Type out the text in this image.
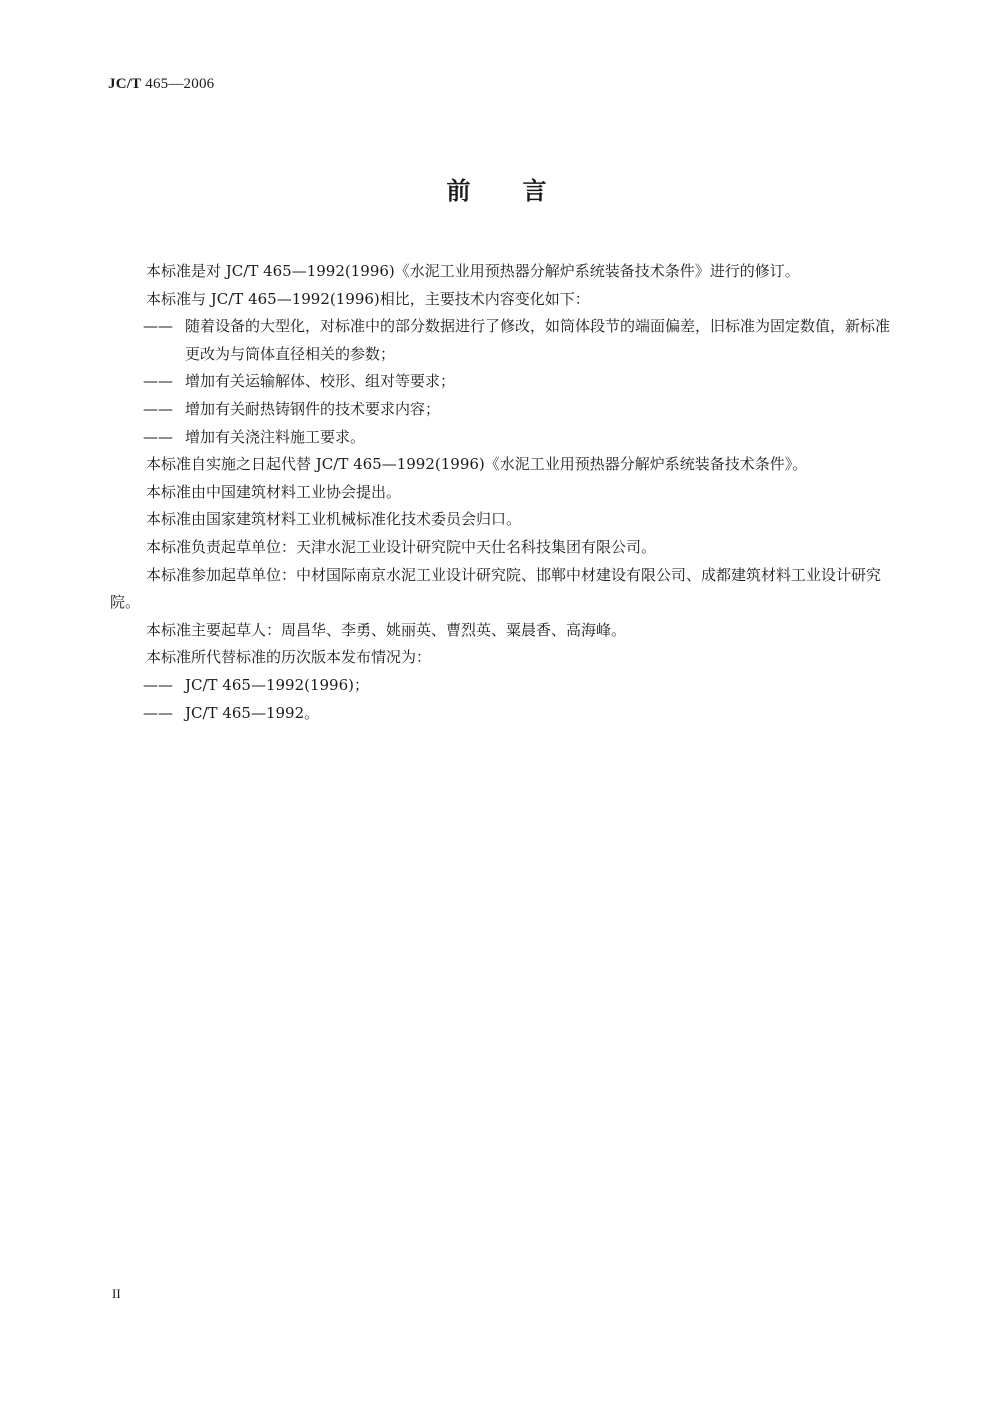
JC/T 465—2006
前言

本标准是对 JC/T 465—1992(1996)《水泥工业用预热器分解炉系统装备技术条件》进行的修订。

本标准与 JC/T 465—1992(1996)相比，主要技术内容变化如下：

—— 随着设备的大型化，对标准中的部分数据进行了修改，如筒体段节的端面偏差，旧标准为固定数值，新标准更改为与筒体直径相关的参数；

—— 增加有关运输解体、校形、组对等要求；

—— 增加有关耐热铸钢件的技术要求内容；

—— 增加有关浇注料施工要求。

本标准自实施之日起代替 JC/T 465—1992(1996)《水泥工业用预热器分解炉系统装备技术条件》。

本标准由中国建筑材料工业协会提出。

本标准由国家建筑材料工业机械标准化技术委员会归口。

本标准负责起草单位：天津水泥工业设计研究院中天仕名科技集团有限公司。

本标准参加起草单位：中材国际南京水泥工业设计研究院、邯郸中材建设有限公司、成都建筑材料工业设计研究院。

本标准主要起草人：周昌华、李勇、姚丽英、曹烈英、粟晨香、高海峰。

本标准所代替标准的历次版本发布情况为：

—— JC/T 465—1992(1996)；

—— JC/T 465—1992。

II
